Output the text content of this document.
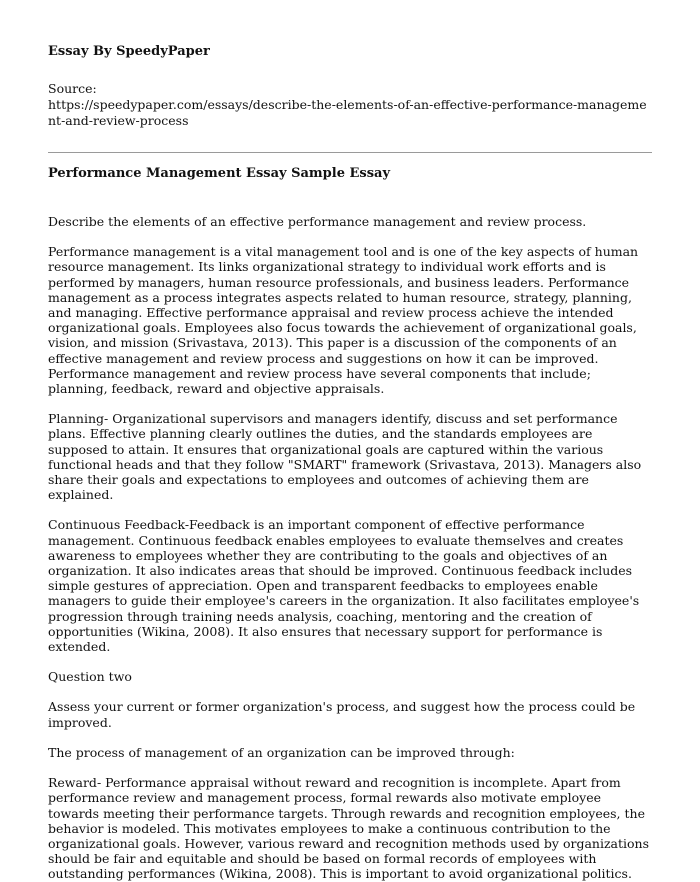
Essay By SpeedyPaper
Source:
https://speedypaper.com/essays/describe-the-elements-of-an-effective-performance-management-and-review-process
Performance Management Essay Sample Essay

Describe the elements of an effective performance management and review process.

Performance management is a vital management tool and is one of the key aspects of human resource management. Its links organizational strategy to individual work efforts and is performed by managers, human resource professionals, and business leaders. Performance management as a process integrates aspects related to human resource, strategy, planning, and managing. Effective performance appraisal and review process achieve the intended organizational goals. Employees also focus towards the achievement of organizational goals, vision, and mission (Srivastava, 2013). This paper is a discussion of the components of an effective management and review process and suggestions on how it can be improved. Performance management and review process have several components that include; planning, feedback, reward and objective appraisals.

Planning- Organizational supervisors and managers identify, discuss and set performance plans. Effective planning clearly outlines the duties, and the standards employees are supposed to attain. It ensures that organizational goals are captured within the various functional heads and that they follow "SMART" framework (Srivastava, 2013). Managers also share their goals and expectations to employees and outcomes of achieving them are explained.

Continuous Feedback-Feedback is an important component of effective performance management. Continuous feedback enables employees to evaluate themselves and creates awareness to employees whether they are contributing to the goals and objectives of an organization. It also indicates areas that should be improved. Continuous feedback includes simple gestures of appreciation. Open and transparent feedbacks to employees enable managers to guide their employee's careers in the organization. It also facilitates employee's progression through training needs analysis, coaching, mentoring and the creation of opportunities (Wikina, 2008). It also ensures that necessary support for performance is extended.

Question two

Assess your current or former organization's process, and suggest how the process could be improved.

The process of management of an organization can be improved through:

Reward- Performance appraisal without reward and recognition is incomplete. Apart from performance review and management process, formal rewards also motivate employee towards meeting their performance targets. Through rewards and recognition employees, the behavior is modeled. This motivates employees to make a continuous contribution to the organizational goals. However, various reward and recognition methods used by organizations should be fair and equitable and should be based on formal records of employees with outstanding performances (Wikina, 2008). This is important to avoid organizational politics.
